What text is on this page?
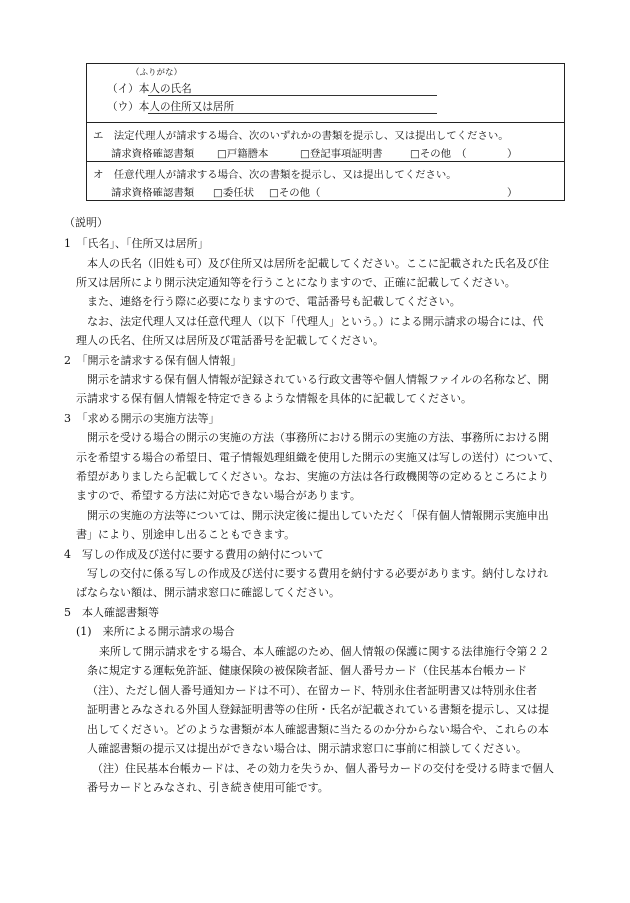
（ふりがな）
（イ）本人の氏名
（ウ）本人の住所又は居所
エ　法定代理人が請求する場合、次のいずれかの書類を提示し、又は提出してください。
請求資格確認書類 □戸籍謄本	□登記事項証明書	□その他　（	）
オ　任意代理人が請求する場合、次の書類を提示し、又は提出してください。
請求資格確認書類 □委任状 □その他（	）
（説明）
1　「氏名」、「住所又は居所」
本人の氏名（旧姓も可）及び住所又は居所を記載してください。ここに記載された氏名及び住
所又は居所により開示決定通知等を行うことになりますので、正確に記載してください。
また、連絡を行う際に必要になりますので、電話番号も記載してください。
なお、法定代理人又は任意代理人（以下「代理人」という。）による開示請求の場合には、代
理人の氏名、住所又は居所及び電話番号を記載してください。
2　「開示を請求する保有個人情報」
開示を請求する保有個人情報が記録されている行政文書等や個人情報ファイルの名称など、開
示請求する保有個人情報を特定できるような情報を具体的に記載してください。
3　「求める開示の実施方法等」
開示を受ける場合の開示の実施の方法（事務所における開示の実施の方法、事務所における開
示を希望する場合の希望日、電子情報処理組織を使用した開示の実施又は写しの送付）について、
希望がありましたら記載してください。なお、実施の方法は各行政機関等の定めるところにより
ますので、希望する方法に対応できない場合があります。
開示の実施の方法等については、開示決定後に提出していただく「保有個人情報開示実施申出
書」により、別途申し出ることもできます。
4　写しの作成及び送付に要する費用の納付について
写しの交付に係る写しの作成及び送付に要する費用を納付する必要があります。納付しなけれ
ばならない額は、開示請求窓口に確認してください。
5　本人確認書類等
(1)　来所による開示請求の場合
来所して開示請求をする場合、本人確認のため、個人情報の保護に関する法律施行令第２２
条に規定する運転免許証、健康保険の被保険者証、個人番号カード（住民基本台帳カード
（注）、ただし個人番号通知カードは不可）、在留カード、特別永住者証明書又は特別永住者
証明書とみなされる外国人登録証明書等の住所・氏名が記載されている書類を提示し、又は提
出してください。どのような書類が本人確認書類に当たるのか分からない場合や、これらの本
人確認書類の提示又は提出ができない場合は、開示請求窓口に事前に相談してください。
（注）住民基本台帳カードは、その効力を失うか、個人番号カードの交付を受ける時まで個人
番号カードとみなされ、引き続き使用可能です。
